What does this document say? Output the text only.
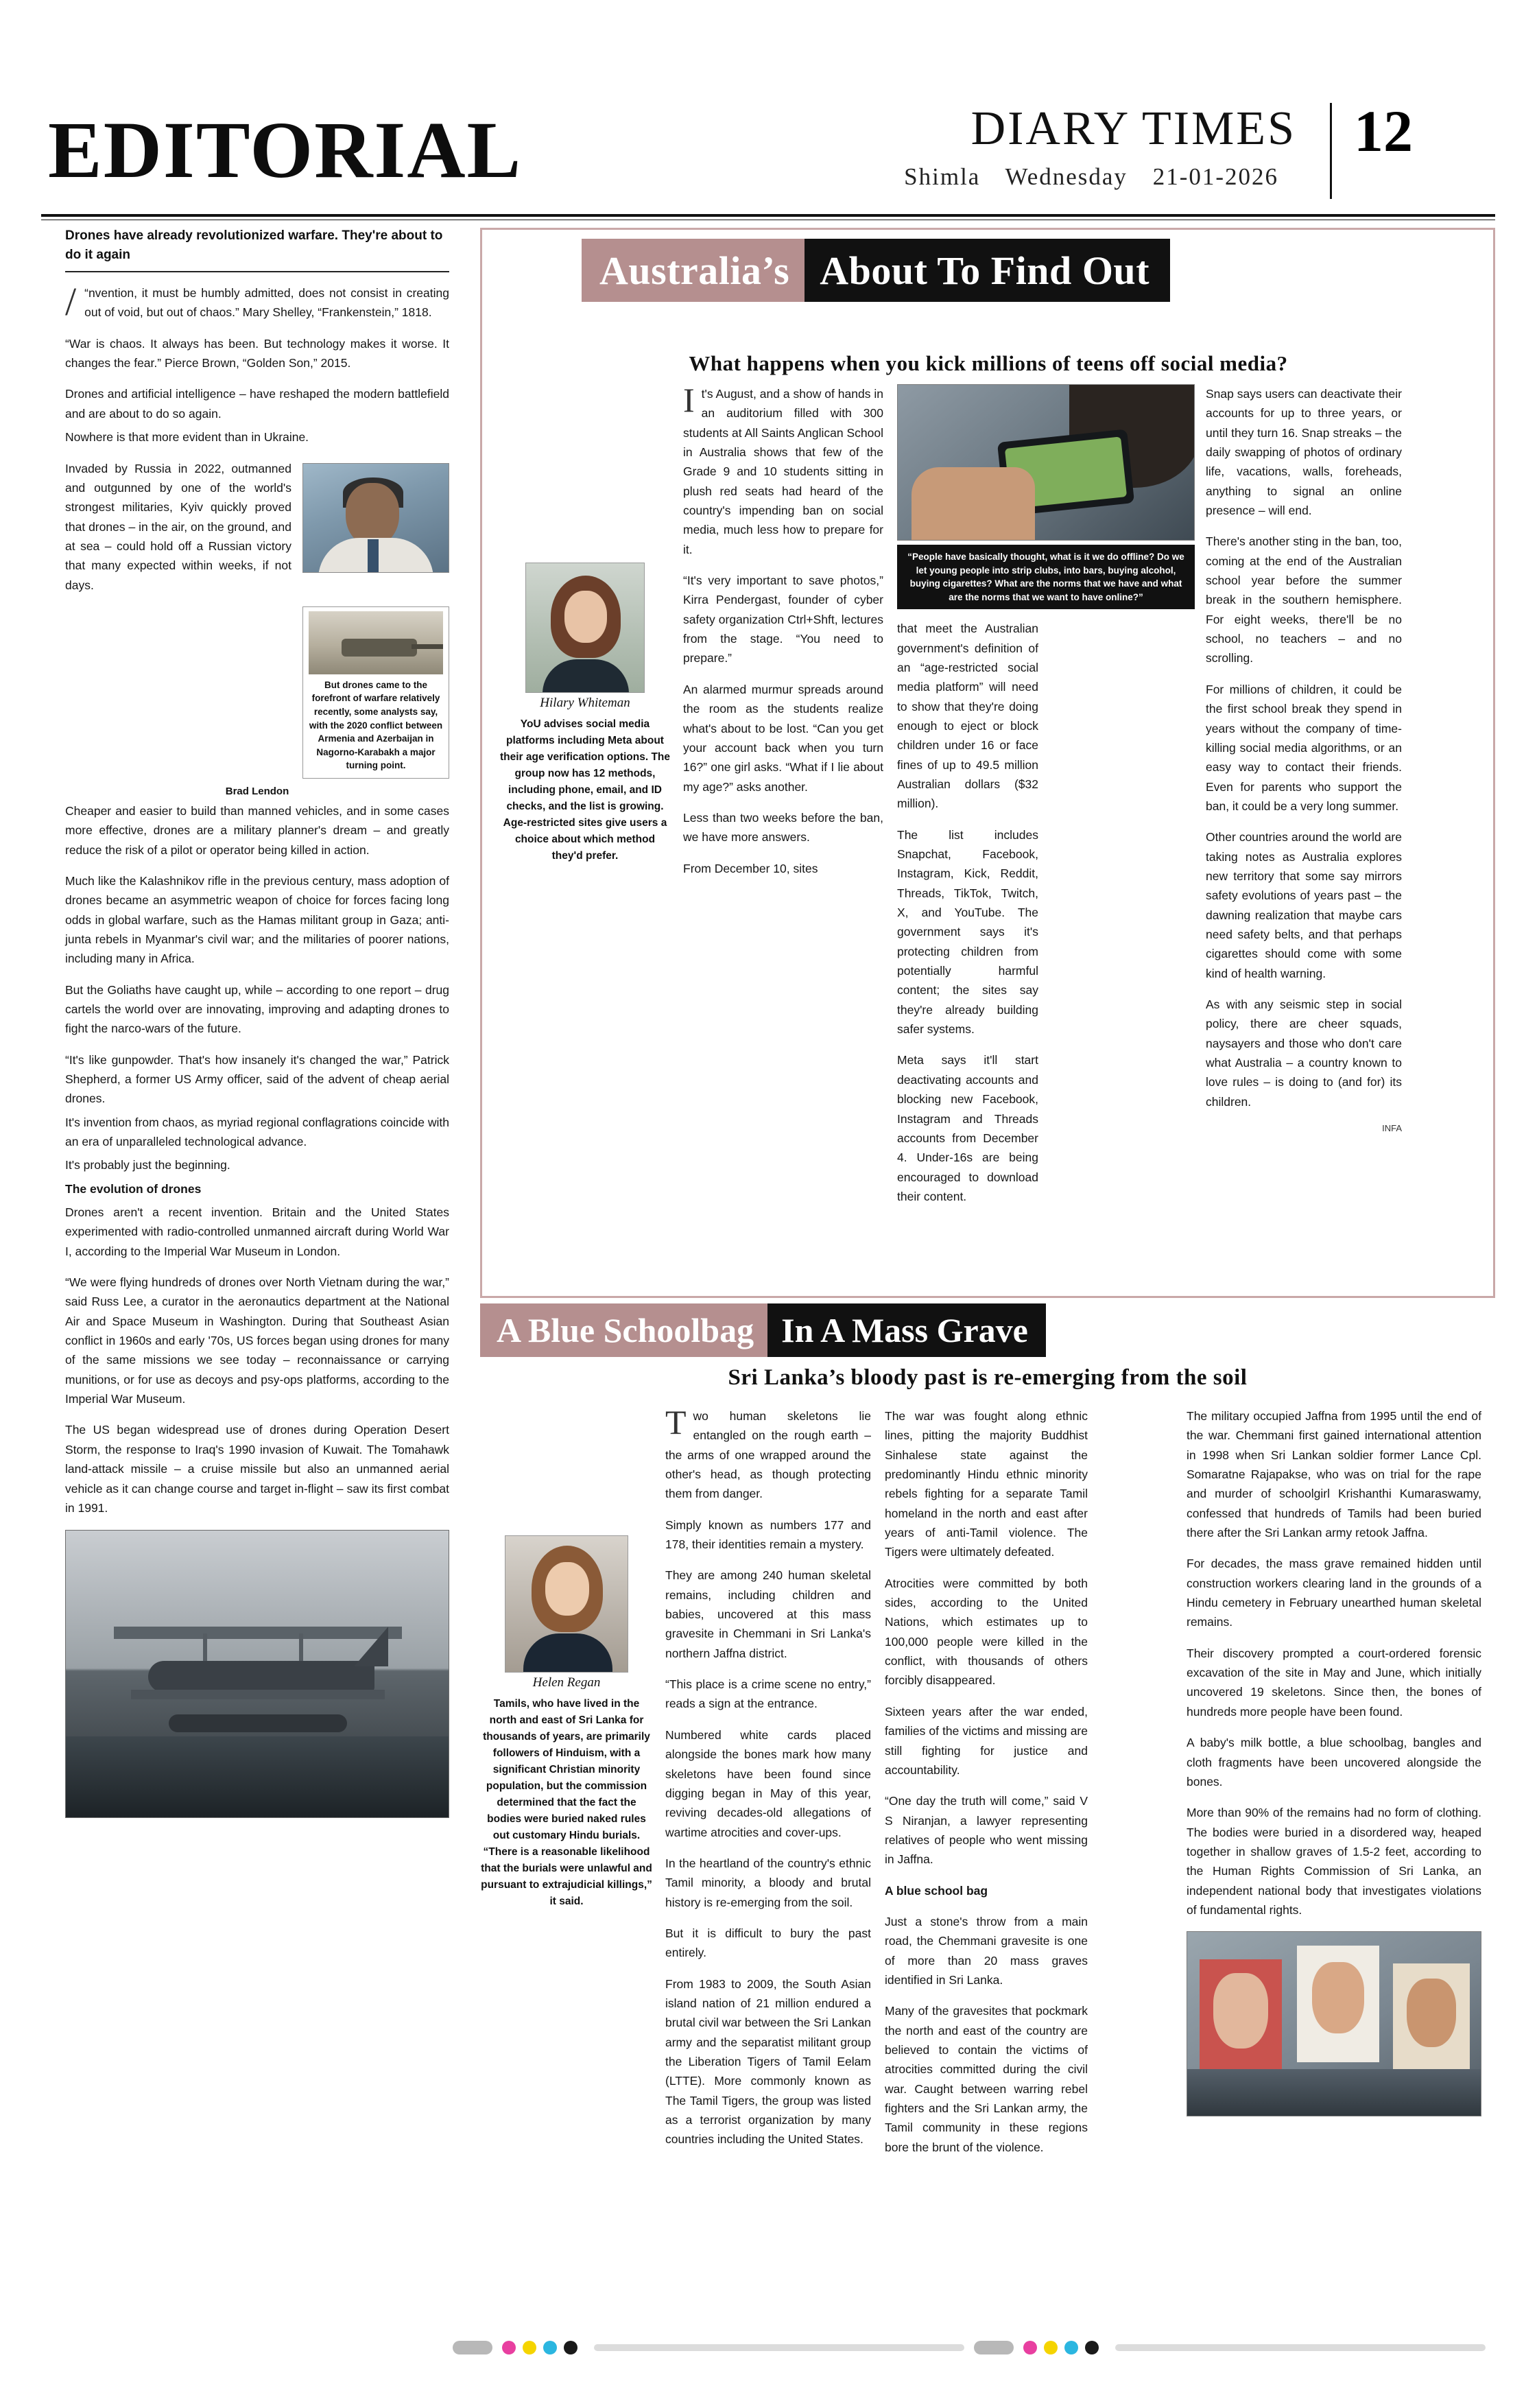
EDITORIAL	DIARY TIMES
Shimla Wednesday 21-01-2026
12
Drones have already revolutionized warfare. They're about to do it again

/ “nvention, it must be humbly admitted, does not consist in creating out of void, but out of chaos.” Mary Shelley, “Frankenstein,” 1818.

“War is chaos. It always has been. But technology makes it worse. It changes the fear.” Pierce Brown, “Golden Son,” 2015.

Drones and artificial intelligence – have reshaped the modern battlefield and are about to do so again.

Nowhere is that more evident than in Ukraine.

Invaded by Russia in 2022, outmanned and outgunned by one of the world's strongest militaries, Kyiv quickly proved that drones – in the air, on the ground, and at sea – could hold off a Russian victory that many expected within weeks, if not days.

But drones came to the forefront of warfare relatively recently, some analysts say, with the 2020 conflict between Armenia and Azerbaijan in Nagorno-Karabakh a major turning point.
Brad Lendon

Cheaper and easier to build than manned vehicles, and in some cases more effective, drones are a military planner's dream – and greatly reduce the risk of a pilot or operator being killed in action.

Much like the Kalashnikov rifle in the previous century, mass adoption of drones became an asymmetric weapon of choice for forces facing long odds in global warfare, such as the Hamas militant group in Gaza; anti-junta rebels in Myanmar's civil war; and the militaries of poorer nations, including many in Africa.

But the Goliaths have caught up, while – according to one report – drug cartels the world over are innovating, improving and adapting drones to fight the narco-wars of the future.

“It's like gunpowder. That's how insanely it's changed the war,” Patrick Shepherd, a former US Army officer, said of the advent of cheap aerial drones.

It's invention from chaos, as myriad regional conflagrations coincide with an era of unparalleled technological advance.

It's probably just the beginning.

The evolution of drones

Drones aren't a recent invention. Britain and the United States experimented with radio-controlled unmanned aircraft during World War I, according to the Imperial War Museum in London.

“We were flying hundreds of drones over North Vietnam during the war,” said Russ Lee, a curator in the aeronautics department at the National Air and Space Museum in Washington. During that Southeast Asian conflict in 1960s and early '70s, US forces began using drones for many of the same missions we see today – reconnaissance or carrying munitions, or for use as decoys and psy-ops platforms, according to the Imperial War Museum.

The US began widespread use of drones during Operation Desert Storm, the response to Iraq's 1990 invasion of Kuwait. The Tomahawk land-attack missile – a cruise missile but also an unmanned aerial vehicle as it can change course and target in-flight – saw its first combat in 1991.

Australia’s About To Find Out
What happens when you kick millions of teens off social media?
Hilary Whiteman
YoU advises social media platforms including Meta about their age verification options. The group now has 12 methods, including phone, email, and ID checks, and the list is growing. Age-restricted sites give users a choice about which method they'd prefer.

It's August, and a show of hands in an auditorium filled with 300 students at All Saints Anglican School in Australia shows that few of the Grade 9 and 10 students sitting in plush red seats had heard of the country's impending ban on social media, much less how to prepare for it.

“It's very important to save photos,” Kirra Pendergast, founder of cyber safety organization Ctrl+Shft, lectures from the stage. “You need to prepare.”

An alarmed murmur spreads around the room as the students realize what's about to be lost. “Can you get your account back when you turn 16?” one girl asks. “What if I lie about my age?” asks another.

Less than two weeks before the ban, we have more answers.

From December 10, sites

“People have basically thought, what is it we do offline? Do we let young people into strip clubs, into bars, buying alcohol, buying cigarettes? What are the norms that we have and what are the norms that we want to have online?”

that meet the Australian government's definition of an “age-restricted social media platform” will need to show that they're doing enough to eject or block children under 16 or face fines of up to 49.5 million Australian dollars ($32 million).

The list includes Snapchat, Facebook, Instagram, Kick, Reddit, Threads, TikTok, Twitch, X, and YouTube. The government says it's protecting children from potentially harmful content; the sites say they're already building safer systems.

Meta says it'll start deactivating accounts and blocking new Facebook, Instagram and Threads accounts from December 4. Under-16s are being encouraged to download their content.

Snap says users can deactivate their accounts for up to three years, or until they turn 16. Snap streaks – the daily swapping of photos of ordinary life, vacations, walls, foreheads, anything to signal an online presence – will end.

There's another sting in the ban, too, coming at the end of the Australian school year before the summer break in the southern hemisphere. For eight weeks, there'll be no school, no teachers – and no scrolling.

For millions of children, it could be the first school break they spend in years without the company of time-killing social media algorithms, or an easy way to contact their friends. Even for parents who support the ban, it could be a very long summer.

Other countries around the world are taking notes as Australia explores new territory that some say mirrors safety evolutions of years past – the dawning realization that maybe cars need safety belts, and that perhaps cigarettes should come with some kind of health warning.

As with any seismic step in social policy, there are cheer squads, naysayers and those who don't care what Australia – a country known to love rules – is doing to (and for) its children.

INFA
A Blue Schoolbag In A Mass Grave
Sri Lanka’s bloody past is re-emerging from the soil
Helen Regan
Tamils, who have lived in the north and east of Sri Lanka for thousands of years, are primarily followers of Hinduism, with a significant Christian minority population, but the commission determined that the fact the bodies were buried naked rules out customary Hindu burials. “There is a reasonable likelihood that the burials were unlawful and pursuant to extrajudicial killings,” it said.

Two human skeletons lie entangled on the rough earth – the arms of one wrapped around the other's head, as though protecting them from danger.

Simply known as numbers 177 and 178, their identities remain a mystery.

They are among 240 human skeletal remains, including children and babies, uncovered at this mass gravesite in Chemmani in Sri Lanka's northern Jaffna district.

“This place is a crime scene no entry,” reads a sign at the entrance.

Numbered white cards placed alongside the bones mark how many skeletons have been found since digging began in May of this year, reviving decades-old allegations of wartime atrocities and cover-ups.

In the heartland of the country's ethnic Tamil minority, a bloody and brutal history is re-emerging from the soil.

But it is difficult to bury the past entirely.

From 1983 to 2009, the South Asian island nation of 21 million endured a brutal civil war between the Sri Lankan army and the separatist militant group the Liberation Tigers of Tamil Eelam (LTTE). More commonly known as The Tamil Tigers, the group was listed as a terrorist organization by many countries including the United States.

The war was fought along ethnic lines, pitting the majority Buddhist Sinhalese state against the predominantly Hindu ethnic minority rebels fighting for a separate Tamil homeland in the north and east after years of anti-Tamil violence. The Tigers were ultimately defeated.

Atrocities were committed by both sides, according to the United Nations, which estimates up to 100,000 people were killed in the conflict, with thousands of others forcibly disappeared.

Sixteen years after the war ended, families of the victims and missing are still fighting for justice and accountability.

“One day the truth will come,” said V S Niranjan, a lawyer representing relatives of people who went missing in Jaffna.

A blue school bag

Just a stone's throw from a main road, the Chemmani gravesite is one of more than 20 mass graves identified in Sri Lanka.

Many of the gravesites that pockmark the north and east of the country are believed to contain the victims of atrocities committed during the civil war. Caught between warring rebel fighters and the Sri Lankan army, the Tamil community in these regions bore the brunt of the violence.

The military occupied Jaffna from 1995 until the end of the war. Chemmani first gained international attention in 1998 when Sri Lankan soldier former Lance Cpl. Somaratne Rajapakse, who was on trial for the rape and murder of schoolgirl Krishanthi Kumaraswamy, confessed that hundreds of Tamils had been buried there after the Sri Lankan army retook Jaffna.

For decades, the mass grave remained hidden until construction workers clearing land in the grounds of a Hindu cemetery in February unearthed human skeletal remains.

Their discovery prompted a court-ordered forensic excavation of the site in May and June, which initially uncovered 19 skeletons. Since then, the bones of hundreds more people have been found.

A baby's milk bottle, a blue schoolbag, bangles and cloth fragments have been uncovered alongside the bones.

More than 90% of the remains had no form of clothing. The bodies were buried in a disordered way, heaped together in shallow graves of 1.5-2 feet, according to the Human Rights Commission of Sri Lanka, an independent national body that investigates violations of fundamental rights.
